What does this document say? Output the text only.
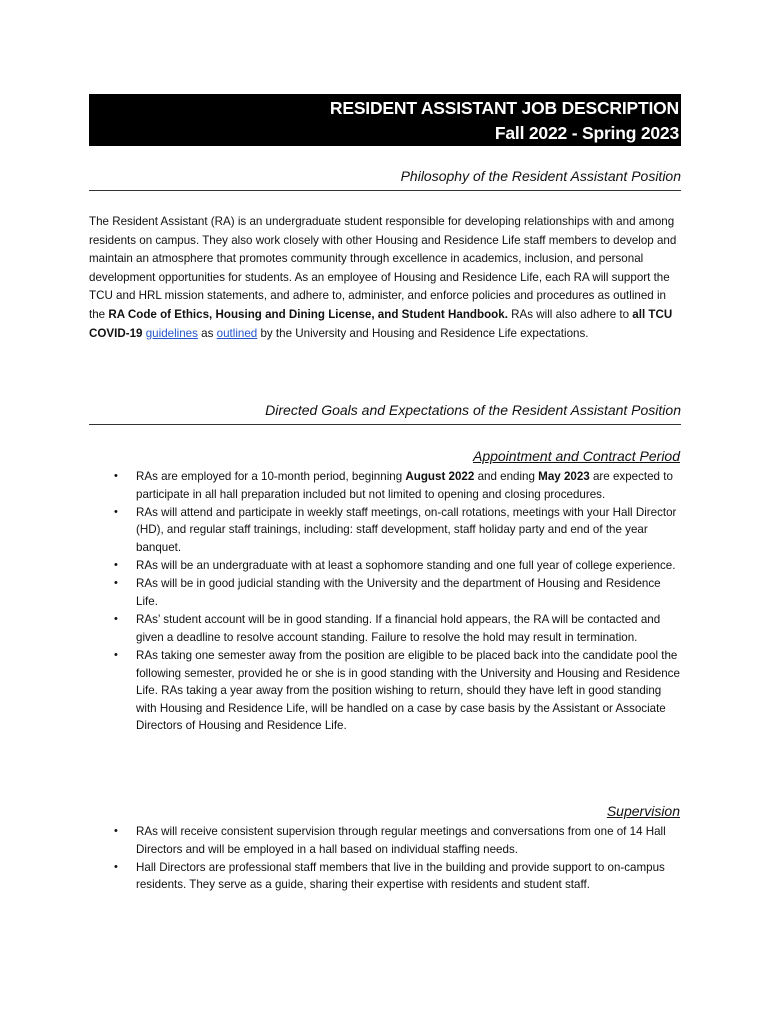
RESIDENT ASSISTANT JOB DESCRIPTION
Fall 2022 - Spring 2023
Philosophy of the Resident Assistant Position
The Resident Assistant (RA) is an undergraduate student responsible for developing relationships with and among residents on campus. They also work closely with other Housing and Residence Life staff members to develop and maintain an atmosphere that promotes community through excellence in academics, inclusion, and personal development opportunities for students. As an employee of Housing and Residence Life, each RA will support the TCU and HRL mission statements, and adhere to, administer, and enforce policies and procedures as outlined in the RA Code of Ethics, Housing and Dining License, and Student Handbook. RAs will also adhere to all TCU COVID-19 guidelines as outlined by the University and Housing and Residence Life expectations.
Directed Goals and Expectations of the Resident Assistant Position
Appointment and Contract Period
• RAs are employed for a 10-month period, beginning August 2022 and ending May 2023 are expected to participate in all hall preparation included but not limited to opening and closing procedures.
• RAs will attend and participate in weekly staff meetings, on-call rotations, meetings with your Hall Director (HD), and regular staff trainings, including: staff development, staff holiday party and end of the year banquet.
• RAs will be an undergraduate with at least a sophomore standing and one full year of college experience.
• RAs will be in good judicial standing with the University and the department of Housing and Residence Life.
• RAs’ student account will be in good standing. If a financial hold appears, the RA will be contacted and given a deadline to resolve account standing. Failure to resolve the hold may result in termination.
• RAs taking one semester away from the position are eligible to be placed back into the candidate pool the following semester, provided he or she is in good standing with the University and Housing and Residence Life. RAs taking a year away from the position wishing to return, should they have left in good standing with Housing and Residence Life, will be handled on a case by case basis by the Assistant or Associate Directors of Housing and Residence Life.
Supervision
• RAs will receive consistent supervision through regular meetings and conversations from one of 14 Hall Directors and will be employed in a hall based on individual staffing needs.
• Hall Directors are professional staff members that live in the building and provide support to on-campus residents. They serve as a guide, sharing their expertise with residents and student staff.
